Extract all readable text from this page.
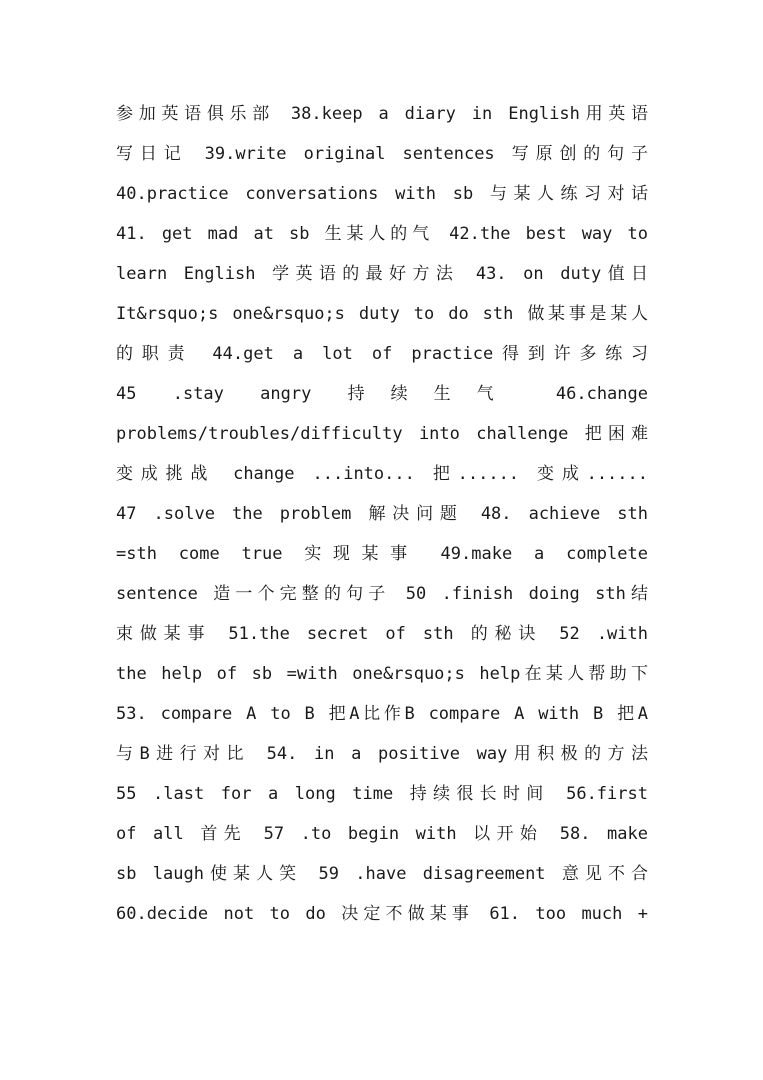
参加英语俱乐部 38.keep a diary in English用英语
写日记 39.write original sentences 写原创的句子
40.practice conversations with sb 与某人练习对话
41. get mad at sb 生某人的气 42.the best way to
learn English 学英语的最好方法 43. on duty值日
It&rsquo;s one&rsquo;s duty to do sth 做某事是某人
的职责 44.get a lot of practice得到许多练习
45 .stay angry 持续生气 46.change
problems/troubles/difficulty into challenge 把困难
变成挑战 change ...into... 把...... 变成......
47 .solve the problem 解决问题 48. achieve sth
=sth come true 实现某事 49.make a complete
sentence 造一个完整的句子 50 .finish doing sth结
束做某事 51.the secret of sth 的秘诀 52 .with
the help of sb =with one&rsquo;s help在某人帮助下
53. compare A to B 把A比作B compare A with B 把A
与B进行对比 54. in a positive way用积极的方法
55 .last for a long time 持续很长时间 56.first
of all 首先 57 .to begin with 以开始 58. make
sb laugh使某人笑 59 .have disagreement 意见不合
60.decide not to do 决定不做某事 61. too much +
